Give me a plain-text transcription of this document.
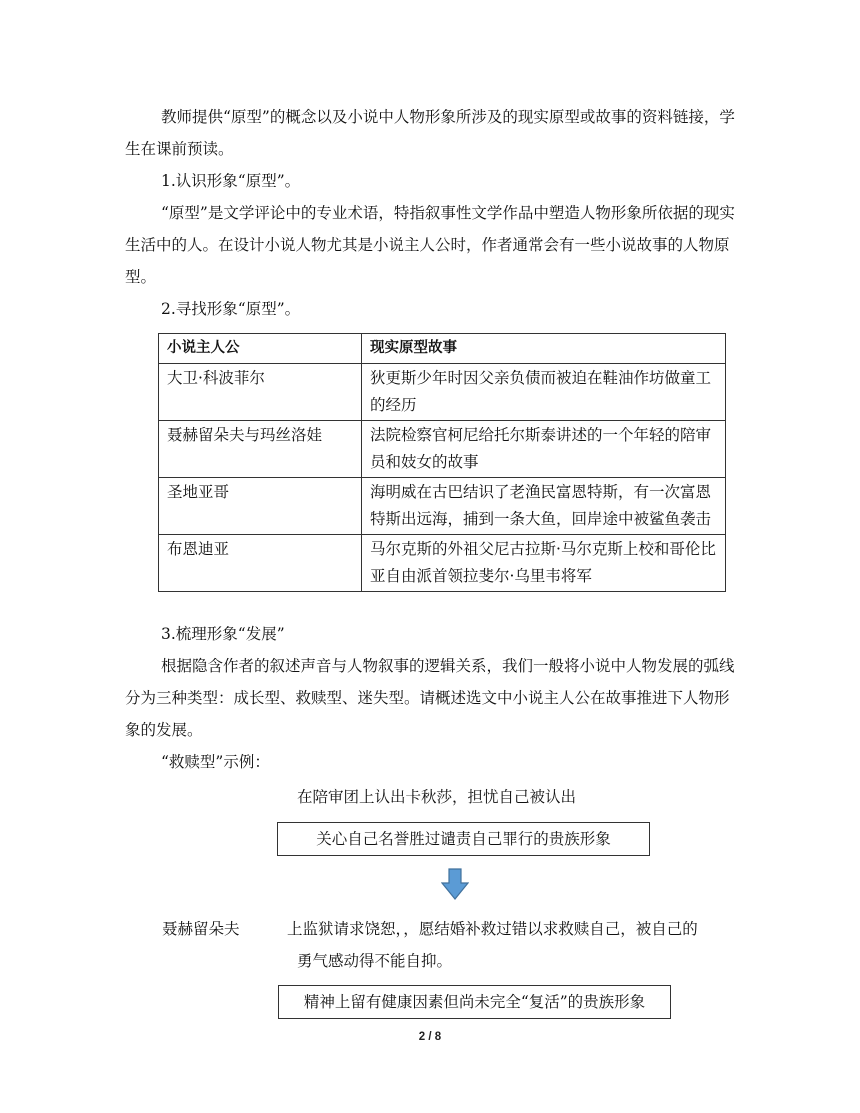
教师提供“原型”的概念以及小说中人物形象所涉及的现实原型或故事的资料链接，学生在课前预读。

1.认识形象“原型”。

“原型”是文学评论中的专业术语，特指叙事性文学作品中塑造人物形象所依据的现实生活中的人。在设计小说人物尤其是小说主人公时，作者通常会有一些小说故事的人物原型。

2.寻找形象“原型”。

小说主人公	现实原型故事
大卫·科波菲尔	狄更斯少年时因父亲负债而被迫在鞋油作坊做童工的经历
聂赫留朵夫与玛丝洛娃	法院检察官柯尼给托尔斯泰讲述的一个年轻的陪审员和妓女的故事
圣地亚哥	海明威在古巴结识了老渔民富恩特斯，有一次富恩特斯出远海，捕到一条大鱼，回岸途中被鲨鱼袭击
布恩迪亚	马尔克斯的外祖父尼古拉斯·马尔克斯上校和哥伦比亚自由派首领拉斐尔·乌里韦将军

3.梳理形象“发展”

根据隐含作者的叙述声音与人物叙事的逻辑关系，我们一般将小说中人物发展的弧线分为三种类型：成长型、救赎型、迷失型。请概述选文中小说主人公在故事推进下人物形象的发展。

“救赎型”示例：

在陪审团上认出卡秋莎，担忧自己被认出

关心自己名誉胜过谴责自己罪行的贵族形象

聂赫留朵夫	上监狱请求饶恕，，愿结婚补救过错以求救赎自己，被自己的

勇气感动得不能自抑。

精神上留有健康因素但尚未完全“复活”的贵族形象
2 / 8
